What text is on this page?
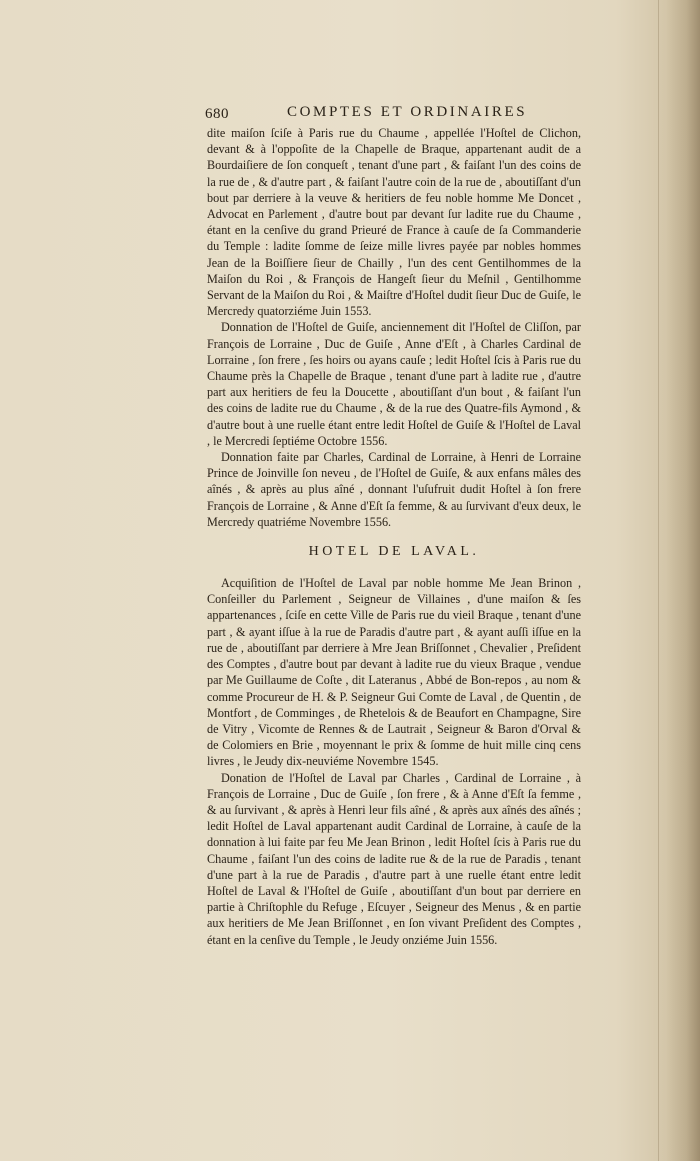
680	COMPTES ET ORDINAIRES

dite maiſon ſciſe à Paris rue du Chaume , appellée l'Hoſtel de Clichon, devant & à l'oppoſite de la Chapelle de Braque, appartenant audit de a Bourdaiſiere de ſon conqueſt , tenant d'une part , & faiſant l'un des coins de la rue de , & d'autre part , & faiſant l'autre coin de la rue de , aboutiſſant d'un bout par derriere à la veuve & heritiers de feu noble homme Me Doncet , Advocat en Parlement , d'autre bout par devant ſur ladite rue du Chaume , étant en la cenſive du grand Prieuré de France à cauſe de ſa Commanderie du Temple : ladite ſomme de ſeize mille livres payée par nobles hommes Jean de la Boiſſiere ſieur de Chailly , l'un des cent Gentilhommes de la Maiſon du Roi , & François de Hangeſt ſieur du Meſnil , Gentilhomme Servant de la Maiſon du Roi , & Maiſtre d'Hoſtel dudit ſieur Duc de Guiſe, le Mercredy quatorziéme Juin 1553.

Donnation de l'Hoſtel de Guiſe, anciennement dit l'Hoſtel de Cliſſon, par François de Lorraine , Duc de Guiſe , Anne d'Eſt , à Charles Cardinal de Lorraine , ſon frere , ſes hoirs ou ayans cauſe ; ledit Hoſtel ſcis à Paris rue du Chaume près la Chapelle de Braque , tenant d'une part à ladite rue , d'autre part aux heritiers de feu la Doucette , aboutiſſant d'un bout , & faiſant l'un des coins de ladite rue du Chaume , & de la rue des Quatre-fils Aymond , & d'autre bout à une ruelle étant entre ledit Hoſtel de Guiſe & l'Hoſtel de Laval , le Mercredi ſeptiéme Octobre 1556.

Donnation faite par Charles, Cardinal de Lorraine, à Henri de Lorraine Prince de Joinville ſon neveu , de l'Hoſtel de Guiſe, & aux enfans mâles des aînés , & après au plus aîné , donnant l'uſufruit dudit Hoſtel à ſon frere François de Lorraine , & Anne d'Eſt ſa femme, & au ſurvivant d'eux deux, le Mercredy quatriéme Novembre 1556.

HOTEL DE LAVAL.

Acquiſition de l'Hoſtel de Laval par noble homme Me Jean Brinon , Conſeiller du Parlement , Seigneur de Villaines , d'une maiſon & ſes appartenances , ſciſe en cette Ville de Paris rue du vieil Braque , tenant d'une part , & ayant iſſue à la rue de Paradis d'autre part , & ayant auſſi iſſue en la rue de , aboutiſſant par derriere à Mre Jean Briſſonnet , Chevalier , Preſident des Comptes , d'autre bout par devant à ladite rue du vieux Braque , vendue par Me Guillaume de Coſte , dit Lateranus , Abbé de Bon-repos , au nom & comme Procureur de H. & P. Seigneur Gui Comte de Laval , de Quentin , de Montfort , de Comminges , de Rhetelois & de Beaufort en Champagne, Sire de Vitry , Vicomte de Rennes & de Lautrait , Seigneur & Baron d'Orval & de Colomiers en Brie , moyennant le prix & ſomme de huit mille cinq cens livres , le Jeudy dix-neuviéme Novembre 1545.

Donation de l'Hoſtel de Laval par Charles , Cardinal de Lorraine , à François de Lorraine , Duc de Guiſe , ſon frere , & à Anne d'Eſt ſa femme , & au ſurvivant , & après à Henri leur fils aîné , & après aux aînés des aînés ; ledit Hoſtel de Laval appartenant audit Cardinal de Lorraine, à cauſe de la donnation à lui faite par feu Me Jean Brinon , ledit Hoſtel ſcis à Paris rue du Chaume , faiſant l'un des coins de ladite rue & de la rue de Paradis , tenant d'une part à la rue de Paradis , d'autre part à une ruelle étant entre ledit Hoſtel de Laval & l'Hoſtel de Guiſe , aboutiſſant d'un bout par derriere en partie à Chriſtophle du Refuge , Eſcuyer , Seigneur des Menus , & en partie aux heritiers de Me Jean Briſſonnet , en ſon vivant Preſident des Comptes , étant en la cenſive du Temple , le Jeudy onziéme Juin 1556.
